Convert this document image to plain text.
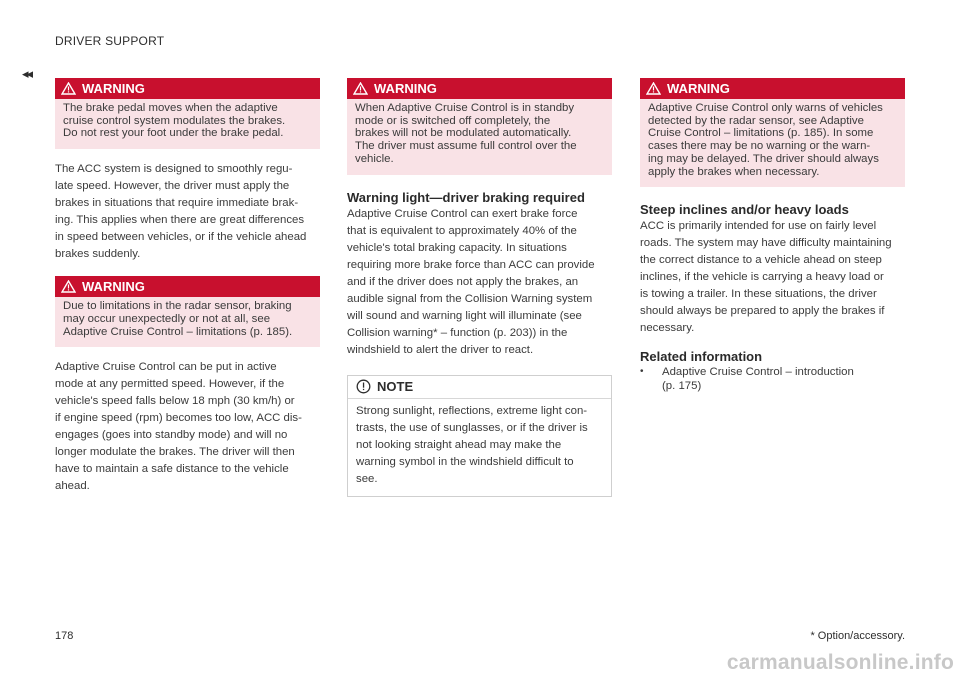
DRIVER SUPPORT
◂◂
WARNING
The brake pedal moves when the adaptive
cruise control system modulates the brakes.
Do not rest your foot under the brake pedal.
The ACC system is designed to smoothly regu-
late speed. However, the driver must apply the
brakes in situations that require immediate brak-
ing. This applies when there are great differences
in speed between vehicles, or if the vehicle ahead
brakes suddenly.
WARNING
Due to limitations in the radar sensor, braking
may occur unexpectedly or not at all, see
Adaptive Cruise Control – limitations (p. 185).
Adaptive Cruise Control can be put in active
mode at any permitted speed. However, if the
vehicle's speed falls below 18 mph (30 km/h) or
if engine speed (rpm) becomes too low, ACC dis-
engages (goes into standby mode) and will no
longer modulate the brakes. The driver will then
have to maintain a safe distance to the vehicle
ahead.
WARNING
When Adaptive Cruise Control is in standby
mode or is switched off completely, the
brakes will not be modulated automatically.
The driver must assume full control over the
vehicle.
Warning light—driver braking required
Adaptive Cruise Control can exert brake force
that is equivalent to approximately 40% of the
vehicle's total braking capacity. In situations
requiring more brake force than ACC can provide
and if the driver does not apply the brakes, an
audible signal from the Collision Warning system
will sound and warning light will illuminate (see
Collision warning* – function (p. 203)) in the
windshield to alert the driver to react.
NOTE
Strong sunlight, reflections, extreme light con-
trasts, the use of sunglasses, or if the driver is
not looking straight ahead may make the
warning symbol in the windshield difficult to
see.
WARNING
Adaptive Cruise Control only warns of vehicles
detected by the radar sensor, see Adaptive
Cruise Control – limitations (p. 185). In some
cases there may be no warning or the warn-
ing may be delayed. The driver should always
apply the brakes when necessary.
Steep inclines and/or heavy loads
ACC is primarily intended for use on fairly level
roads. The system may have difficulty maintaining
the correct distance to a vehicle ahead on steep
inclines, if the vehicle is carrying a heavy load or
is towing a trailer. In these situations, the driver
should always be prepared to apply the brakes if
necessary.
Related information
•	Adaptive Cruise Control – introduction
(p. 175)
178	* Option/accessory.
carmanualsonline.info
